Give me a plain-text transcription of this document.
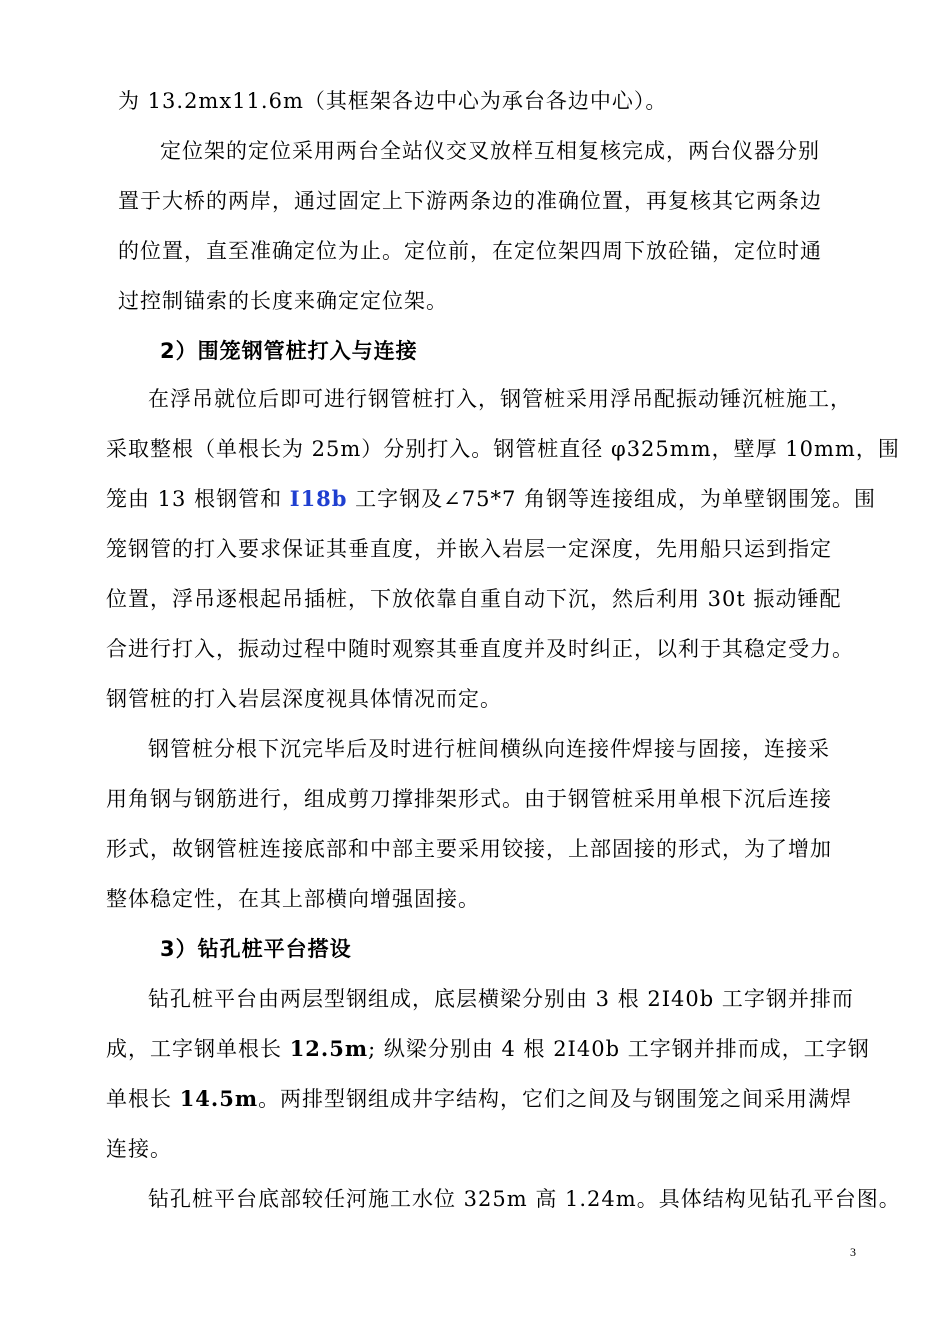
为 13.2mx11.6m（其框架各边中心为承台各边中心）。
定位架的定位采用两台全站仪交叉放样互相复核完成，两台仪器分别
置于大桥的两岸，通过固定上下游两条边的准确位置，再复核其它两条边
的位置，直至准确定位为止。定位前，在定位架四周下放砼锚，定位时通
过控制锚索的长度来确定定位架。
2）围笼钢管桩打入与连接
在浮吊就位后即可进行钢管桩打入，钢管桩采用浮吊配振动锤沉桩施工，
采取整根（单根长为 25m）分别打入。钢管桩直径 φ325mm，壁厚 10mm，围
笼由 13 根钢管和 I18b 工字钢及∠75*7 角钢等连接组成，为单壁钢围笼。围
笼钢管的打入要求保证其垂直度，并嵌入岩层一定深度，先用船只运到指定
位置，浮吊逐根起吊插桩，下放依靠自重自动下沉，然后利用 30t 振动锤配
合进行打入，振动过程中随时观察其垂直度并及时纠正，以利于其稳定受力。
钢管桩的打入岩层深度视具体情况而定。
钢管桩分根下沉完毕后及时进行桩间横纵向连接件焊接与固接，连接采
用角钢与钢筋进行，组成剪刀撑排架形式。由于钢管桩采用单根下沉后连接
形式，故钢管桩连接底部和中部主要采用铰接，上部固接的形式，为了增加
整体稳定性，在其上部横向增强固接。
3）钻孔桩平台搭设
钻孔桩平台由两层型钢组成，底层横梁分别由 3 根 2Ⅰ40b 工字钢并排而
成，工字钢单根长 12.5m; 纵梁分别由 4 根 2Ⅰ40b 工字钢并排而成，工字钢
单根长 14.5m。两排型钢组成井字结构，它们之间及与钢围笼之间采用满焊
连接。
钻孔桩平台底部较任河施工水位 325m 高 1.24m。具体结构见钻孔平台图。
3
